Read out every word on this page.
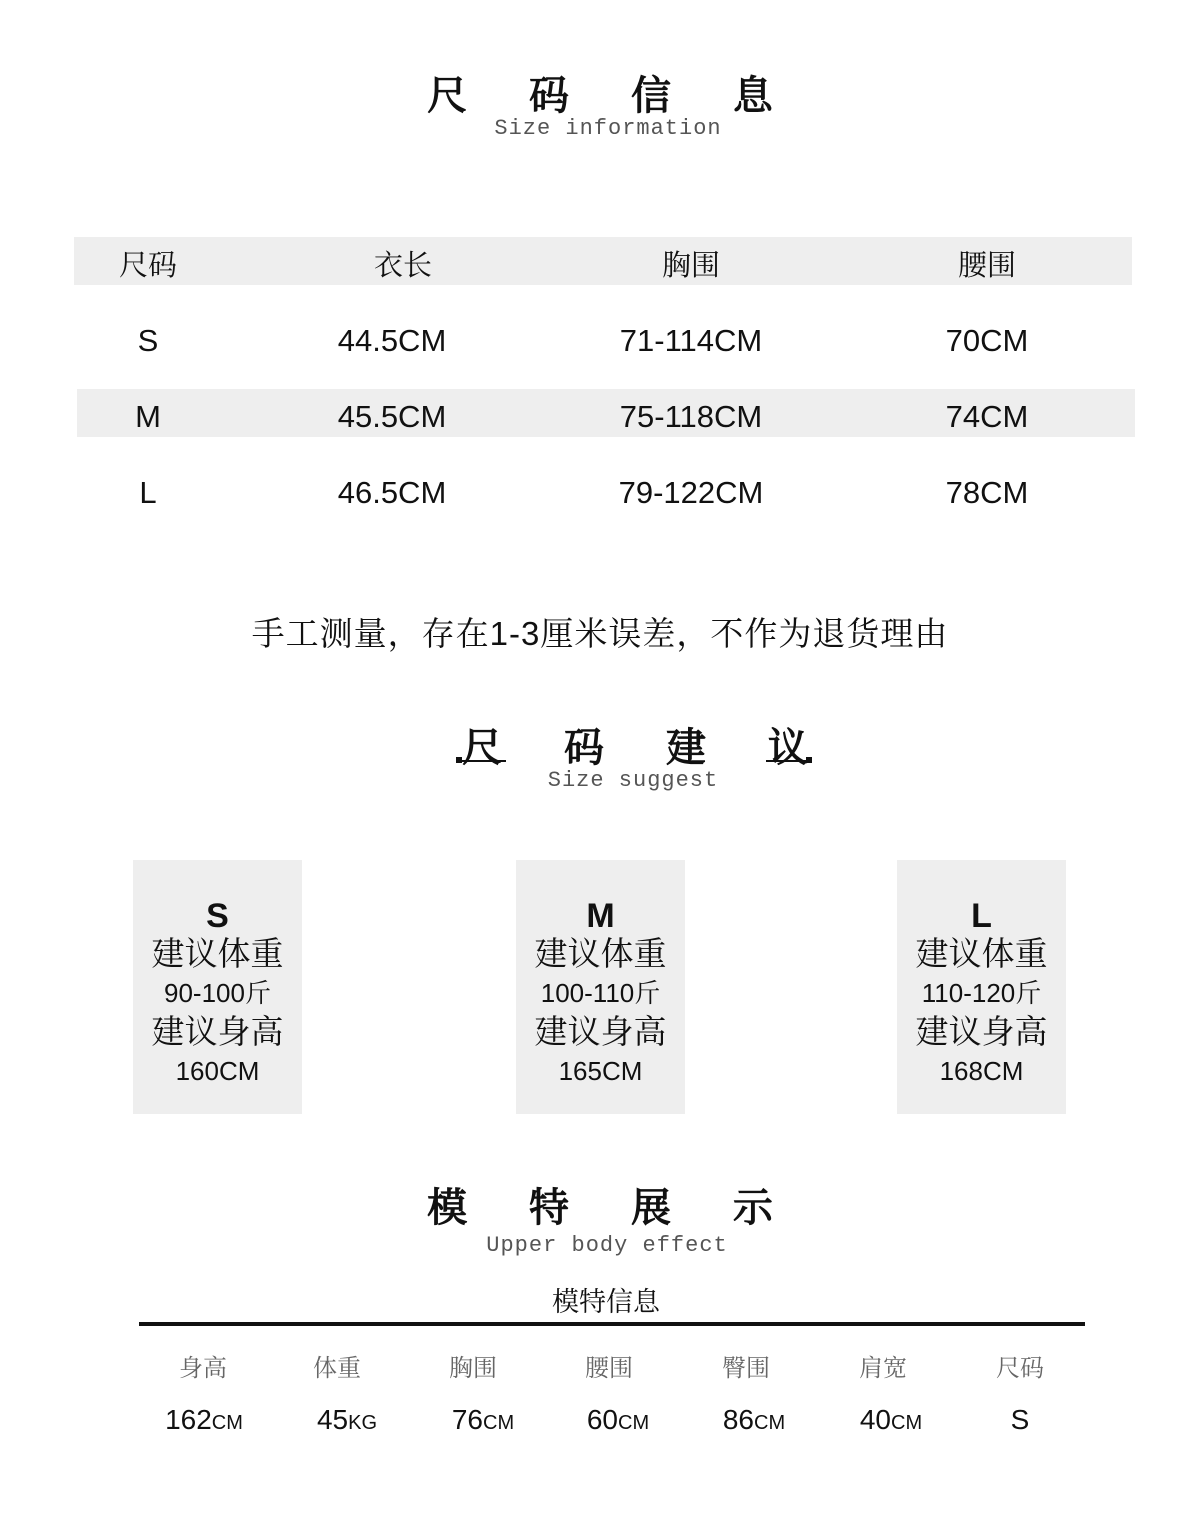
尺 码 信 息
Size information
尺码	衣长	胸围	腰围
S	44.5CM	71-114CM	70CM
M	45.5CM	75-118CM	74CM
L	46.5CM	79-122CM	78CM
手工测量，存在1-3厘米误差，不作为退货理由
尺 码 建 议
Size suggest
S
建议体重
90-100斤
建议身高
160CM
M
建议体重
100-110斤
建议身高
165CM
L
建议体重
110-120斤
建议身高
168CM
模 特 展 示
Upper body effect
模特信息
身高	体重	胸围	腰围	臀围	肩宽	尺码
162CM	45KG	76CM	60CM	86CM	40CM	S
